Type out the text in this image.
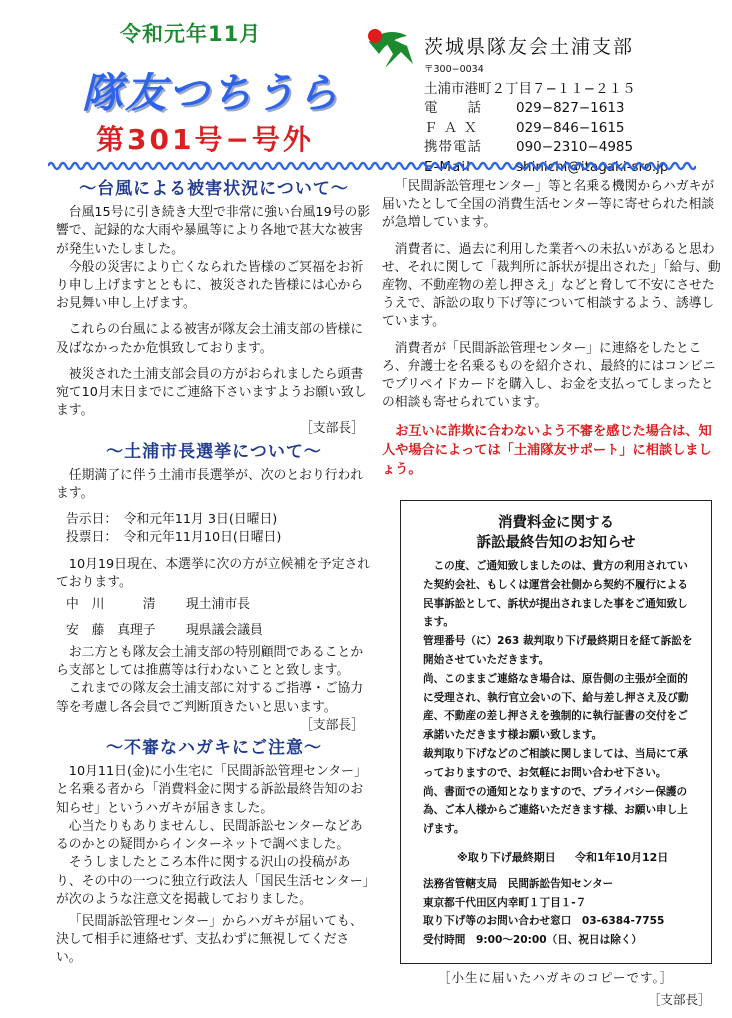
令和元年11月
隊友つちうら
第301号−号外
茨城県隊友会土浦支部
〒300−0034
土浦市港町２丁目７−１１−２１５
電　　話	029−827−1613
Ｆ Ａ Ｘ	029−846−1615
携帯電話	090−2310−4985
E-Mail	shinichi@itagaki-sro.jp
〜台風による被害状況について〜

台風15号に引き続き大型で非常に強い台風19号の影響で、記録的な大雨や暴風等により各地で甚大な被害が発生いたしました。

今般の災害により亡くなられた皆様のご冥福をお祈り申し上げますとともに、被災された皆様には心からお見舞い申し上げます。

これらの台風による被害が隊友会土浦支部の皆様に及ばなかったか危惧致しております。

被災された土浦支部会員の方がおられましたら頭書宛て10月末日までにご連絡下さいますようお願い致します。

［支部長］
〜土浦市長選挙について〜

任期満了に伴う土浦市長選挙が、次のとおり行われます。

告示日：　令和元年11月 3日(日曜日)
投票日：　令和元年11月10日(日曜日)

10月19日現在、本選挙に次の方が立候補を予定されております。

中　川　　　清 現土浦市長
安　藤　真理子 現県議会議員

お二方とも隊友会土浦支部の特別顧問であることから支部としては推薦等は行わないことと致します。

これまでの隊友会土浦支部に対するご指導・ご協力等を考慮し各会員でご判断頂きたいと思います。

［支部長］
〜不審なハガキにご注意〜

10月11日(金)に小生宅に「民間訴訟管理センター」と名乗る者から「消費料金に関する訴訟最終告知のお知らせ」というハガキが届きました。

心当たりもありませんし、民間訴訟センターなどあるのかとの疑問からインターネットで調べました。

そうしましたところ本件に関する沢山の投稿があり、その中の一つに独立行政法人「国民生活センター」が次のような注意文を掲載しておりました。

「民間訴訟管理センター」からハガキが届いても、決して相手に連絡せず、支払わずに無視してください。

「民間訴訟管理センター」等と名乗る機関からハガキが届いたとして全国の消費生活センター等に寄せられた相談が急増しています。

消費者に、過去に利用した業者への未払いがあると思わせ、それに関して「裁判所に訴状が提出された」「給与、動産物、不動産物の差し押さえ」などと脅して不安にさせたうえで、訴訟の取り下げ等について相談するよう、誘導しています。

消費者が「民間訴訟管理センター」に連絡をしたところ、弁護士を名乗るものを紹介され、最終的にはコンビニでプリペイドカードを購入し、お金を支払ってしまったとの相談も寄せられています。

お互いに詐欺に合わないよう不審を感じた場合は、知人や場合によっては「土浦隊友サポート」に相談しましょう。

消費料金に関する
訴訟最終告知のお知らせ

この度、ご通知致しましたのは、貴方の利用されていた契約会社、もしくは運営会社側から契約不履行による民事訴訟として、訴状が提出されました事をご通知致します。

管理番号（に）263 裁判取り下げ最終期日を経て訴訟を開始させていただきます。

尚、このままご連絡なき場合は、原告側の主張が全面的に受理され、執行官立会いの下、給与差し押さえ及び動産、不動産の差し押さえを強制的に執行証書の交付をご承諾いただきます様お願い致します。

裁判取り下げなどのご相談に関しましては、当局にて承っておりますので、お気軽にお問い合わせ下さい。

尚、書面での通知となりますので、プライバシー保護の為、ご本人様からご連絡いただきます様、お願い申し上げます。

※取り下げ最終期日 令和1年10月12日
法務省管轄支局　民間訴訟告知センター
東京都千代田区内幸町１丁目１-７
取り下げ等のお問い合わせ窓口　03-6384-7755
受付時間　9:00〜20:00（日、祝日は除く）
［小生に届いたハガキのコピーです。］
［支部長］
